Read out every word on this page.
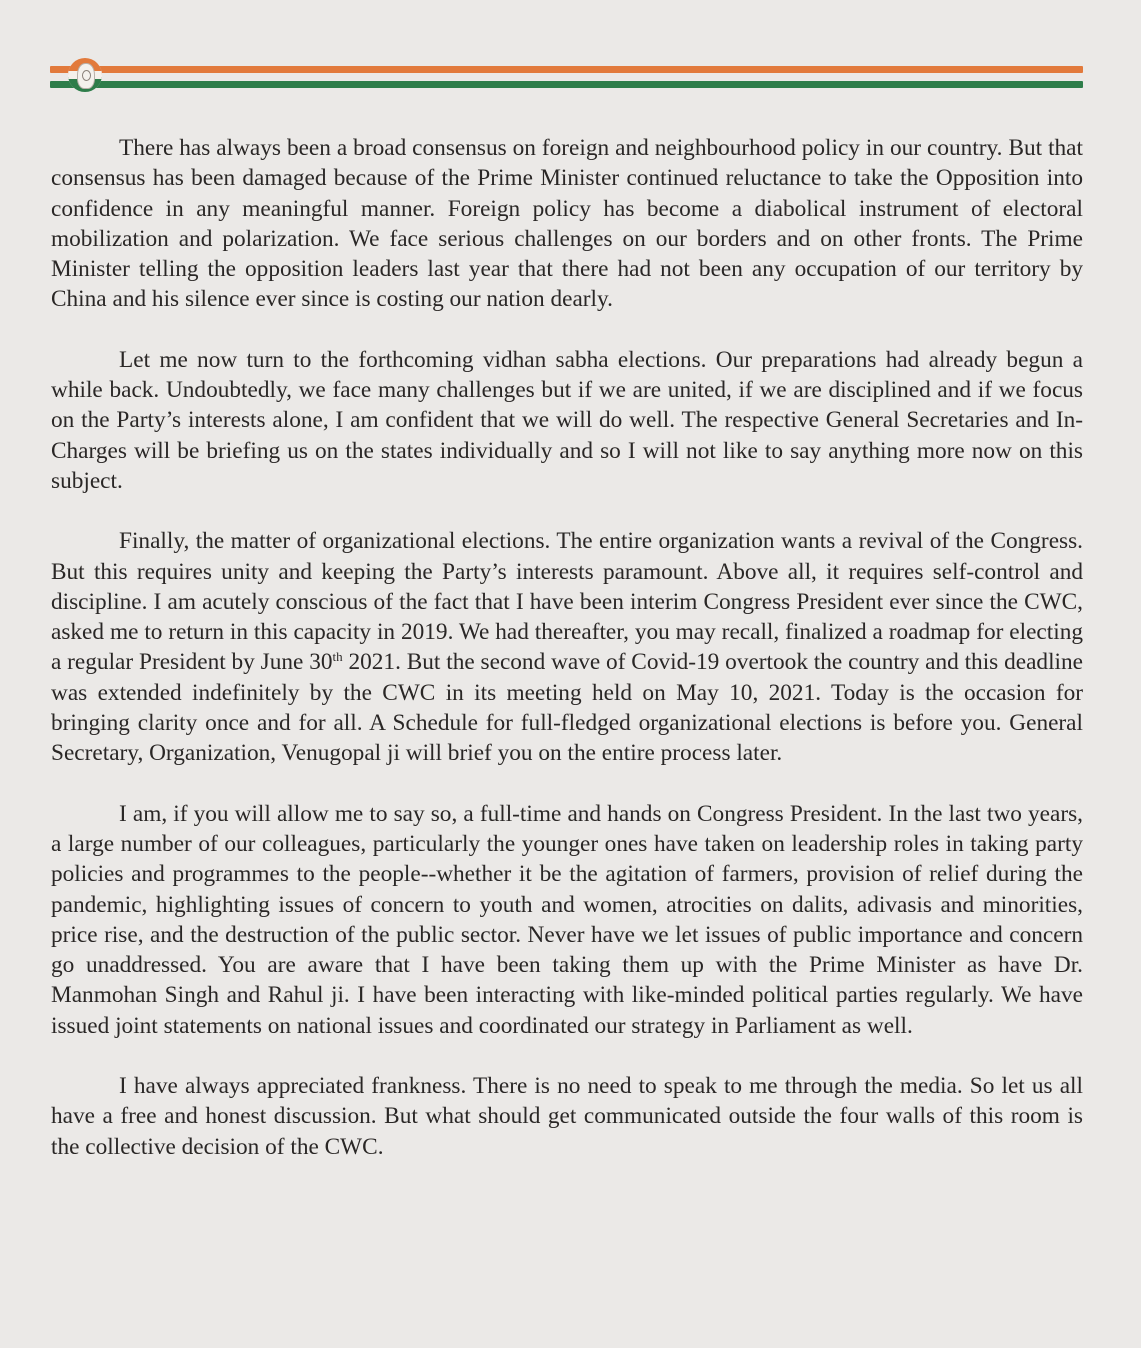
There has always been a broad consensus on foreign and neighbourhood policy in our country. But that consensus has been damaged because of the Prime Minister continued reluctance to take the Opposition into confidence in any meaningful manner. Foreign policy has become a diabolical instrument of electoral mobilization and polarization. We face serious challenges on our borders and on other fronts. The Prime Minister telling the opposition leaders last year that there had not been any occupation of our territory by China and his silence ever since is costing our nation dearly.

Let me now turn to the forthcoming vidhan sabha elections. Our preparations had already begun a while back. Undoubtedly, we face many challenges but if we are united, if we are disciplined and if we focus on the Party’s interests alone, I am confident that we will do well. The respective General Secretaries and In-Charges will be briefing us on the states individually and so I will not like to say anything more now on this subject.

Finally, the matter of organizational elections. The entire organization wants a revival of the Congress. But this requires unity and keeping the Party’s interests paramount. Above all, it requires self-control and discipline. I am acutely conscious of the fact that I have been interim Congress President ever since the CWC, asked me to return in this capacity in 2019. We had thereafter, you may recall, finalized a roadmap for electing a regular President by June 30th 2021. But the second wave of Covid-19 overtook the country and this deadline was extended indefinitely by the CWC in its meeting held on May 10, 2021. Today is the occasion for bringing clarity once and for all. A Schedule for full-fledged organizational elections is before you. General Secretary, Organization, Venugopal ji will brief you on the entire process later.

I am, if you will allow me to say so, a full-time and hands on Congress President. In the last two years, a large number of our colleagues, particularly the younger ones have taken on leadership roles in taking party policies and programmes to the people--whether it be the agitation of farmers, provision of relief during the pandemic, highlighting issues of concern to youth and women, atrocities on dalits, adivasis and minorities, price rise, and the destruction of the public sector. Never have we let issues of public importance and concern go unaddressed. You are aware that I have been taking them up with the Prime Minister as have Dr. Manmohan Singh and Rahul ji. I have been interacting with like-minded political parties regularly. We have issued joint statements on national issues and coordinated our strategy in Parliament as well.

I have always appreciated frankness. There is no need to speak to me through the media. So let us all have a free and honest discussion. But what should get communicated outside the four walls of this room is the collective decision of the CWC.
